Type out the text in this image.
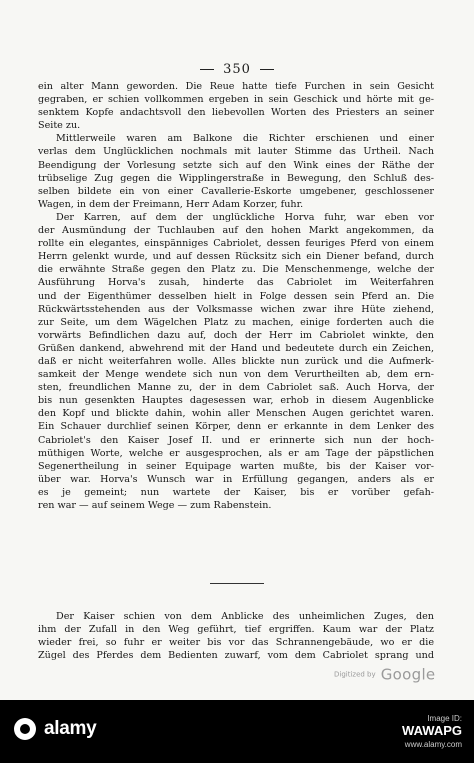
350
ein alter Mann geworden. Die Reue hatte tiefe Furchen in sein Gesicht
gegraben, er schien vollkommen ergeben in sein Geschick und hörte mit ge-
senktem Kopfe andachtsvoll den liebevollen Worten des Priesters an seiner
Seite zu.
Mittlerweile waren am Balkone die Richter erschienen und einer
verlas dem Unglücklichen nochmals mit lauter Stimme das Urtheil. Nach
Beendigung der Vorlesung setzte sich auf den Wink eines der Räthe der
trübselige Zug gegen die Wipplingerstraße in Bewegung, den Schluß des-
selben bildete ein von einer Cavallerie-Eskorte umgebener, geschlossener
Wagen, in dem der Freimann, Herr Adam Korzer, fuhr.
Der Karren, auf dem der unglückliche Horva fuhr, war eben vor
der Ausmündung der Tuchlauben auf den hohen Markt angekommen, da
rollte ein elegantes, einspänniges Cabriolet, dessen feuriges Pferd von einem
Herrn gelenkt wurde, und auf dessen Rücksitz sich ein Diener befand, durch
die erwähnte Straße gegen den Platz zu. Die Menschenmenge, welche der
Ausführung Horva's zusah, hinderte das Cabriolet im Weiterfahren
und der Eigenthümer desselben hielt in Folge dessen sein Pferd an. Die
Rückwärtsstehenden aus der Volksmasse wichen zwar ihre Hüte ziehend,
zur Seite, um dem Wägelchen Platz zu machen, einige forderten auch die
vorwärts Befindlichen dazu auf, doch der Herr im Cabriolet winkte, den
Grüßen dankend, abwehrend mit der Hand und bedeutete durch ein Zeichen,
daß er nicht weiterfahren wolle. Alles blickte nun zurück und die Aufmerk-
samkeit der Menge wendete sich nun von dem Verurtheilten ab, dem ern-
sten, freundlichen Manne zu, der in dem Cabriolet saß. Auch Horva, der
bis nun gesenkten Hauptes dagesessen war, erhob in diesem Augenblicke
den Kopf und blickte dahin, wohin aller Menschen Augen gerichtet waren.
Ein Schauer durchlief seinen Körper, denn er erkannte in dem Lenker des
Cabriolet's den Kaiser Josef II. und er erinnerte sich nun der hoch-
müthigen Worte, welche er ausgesprochen, als er am Tage der päpstlichen
Segenertheilung in seiner Equipage warten mußte, bis der Kaiser vor-
über war. Horva's Wunsch war in Erfüllung gegangen, anders als er
es je gemeint; nun wartete der Kaiser, bis er vorüber gefah-
ren war — auf seinem Wege — zum Rabenstein.
Der Kaiser schien von dem Anblicke des unheimlichen Zuges, den
ihm der Zufall in den Weg geführt, tief ergriffen. Kaum war der Platz
wieder frei, so fuhr er weiter bis vor das Schrannengebäude, wo er die
Zügel des Pferdes dem Bedienten zuwarf, vom dem Cabriolet sprang und
Digitized by Google
alamy	Image ID:
WAWAPG
www.alamy.com
